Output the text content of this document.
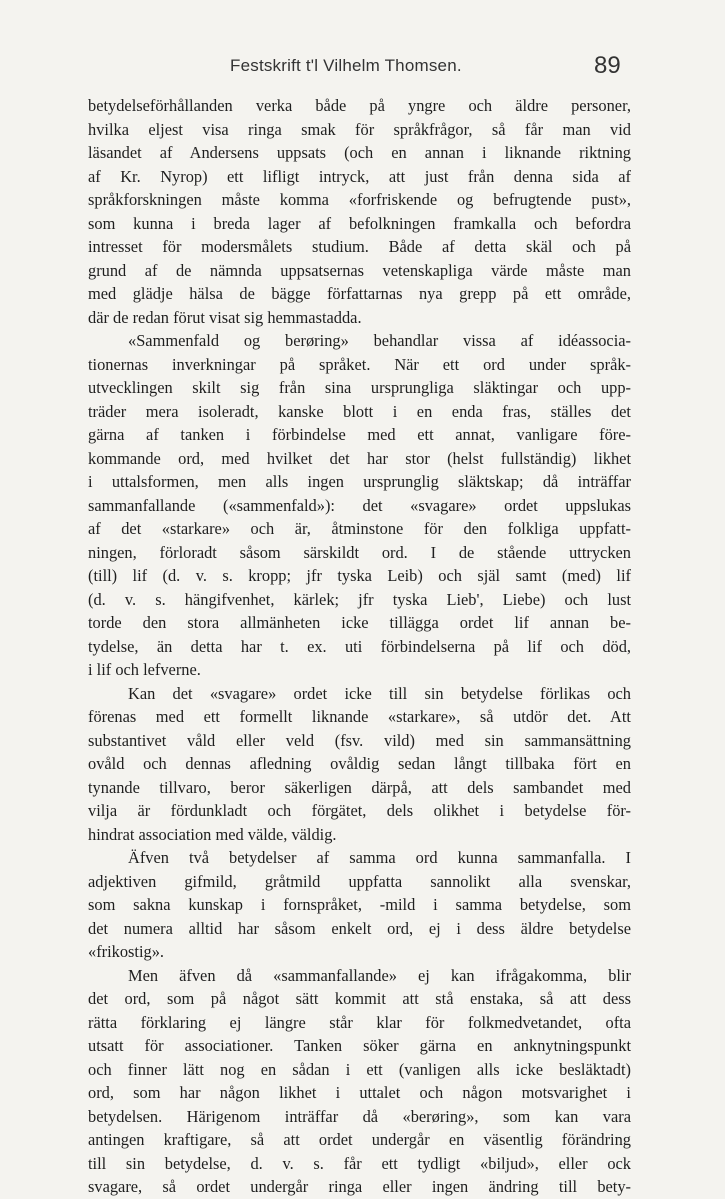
Festskrift t'l Vilhelm Thomsen.	89
betydelseförhållanden verka både på yngre och äldre personer,
hvilka eljest visa ringa smak för språkfrågor, så får man vid
läsandet af Andersens uppsats (och en annan i liknande riktning
af Kr. Nyrop) ett lifligt intryck, att just från denna sida af
språkforskningen måste komma «forfriskende og befrugtende pust»,
som kunna i breda lager af befolkningen framkalla och befordra
intresset för modersmålets studium. Både af detta skäl och på
grund af de nämnda uppsatsernas vetenskapliga värde måste man
med glädje hälsa de bägge författarnas nya grepp på ett område,
där de redan förut visat sig hemmastadda.
«Sammenfald og berøring» behandlar vissa af idéassocia-
tionernas inverkningar på språket. När ett ord under språk-
utvecklingen skilt sig från sina ursprungliga släktingar och upp-
träder mera isoleradt, kanske blott i en enda fras, ställes det
gärna af tanken i förbindelse med ett annat, vanligare före-
kommande ord, med hvilket det har stor (helst fullständig) likhet
i uttalsformen, men alls ingen ursprunglig släktskap; då inträffar
sammanfallande («sammenfald»): det «svagare» ordet uppslukas
af det «starkare» och är, åtminstone för den folkliga uppfatt-
ningen, förloradt såsom särskildt ord. I de stående uttrycken
(till) lif (d. v. s. kropp; jfr tyska Leib) och själ samt (med) lif
(d. v. s. hängifvenhet, kärlek; jfr tyska Lieb', Liebe) och lust
torde den stora allmänheten icke tillägga ordet lif annan be-
tydelse, än detta har t. ex. uti förbindelserna på lif och död,
i lif och lefverne.
Kan det «svagare» ordet icke till sin betydelse förlikas och
förenas med ett formellt liknande «starkare», så utdör det. Att
substantivet våld eller veld (fsv. vild) med sin sammansättning
ovåld och dennas afledning ovåldig sedan långt tillbaka fört en
tynande tillvaro, beror säkerligen därpå, att dels sambandet med
vilja är fördunkladt och förgätet, dels olikhet i betydelse för-
hindrat association med välde, väldig.
Äfven två betydelser af samma ord kunna sammanfalla. I
adjektiven gifmild, gråtmild uppfatta sannolikt alla svenskar,
som sakna kunskap i fornspråket, -mild i samma betydelse, som
det numera alltid har såsom enkelt ord, ej i dess äldre betydelse
«frikostig».
Men äfven då «sammanfallande» ej kan ifrågakomma, blir
det ord, som på något sätt kommit att stå enstaka, så att dess
rätta förklaring ej längre står klar för folkmedvetandet, ofta
utsatt för associationer. Tanken söker gärna en anknytningspunkt
och finner lätt nog en sådan i ett (vanligen alls icke besläktadt)
ord, som har någon likhet i uttalet och någon motsvarighet i
betydelsen. Härigenom inträffar då «berøring», som kan vara
antingen kraftigare, så att ordet undergår en väsentlig förändring
till sin betydelse, d. v. s. får ett tydligt «biljud», eller ock
svagare, så ordet undergår ringa eller ingen ändring till bety-
